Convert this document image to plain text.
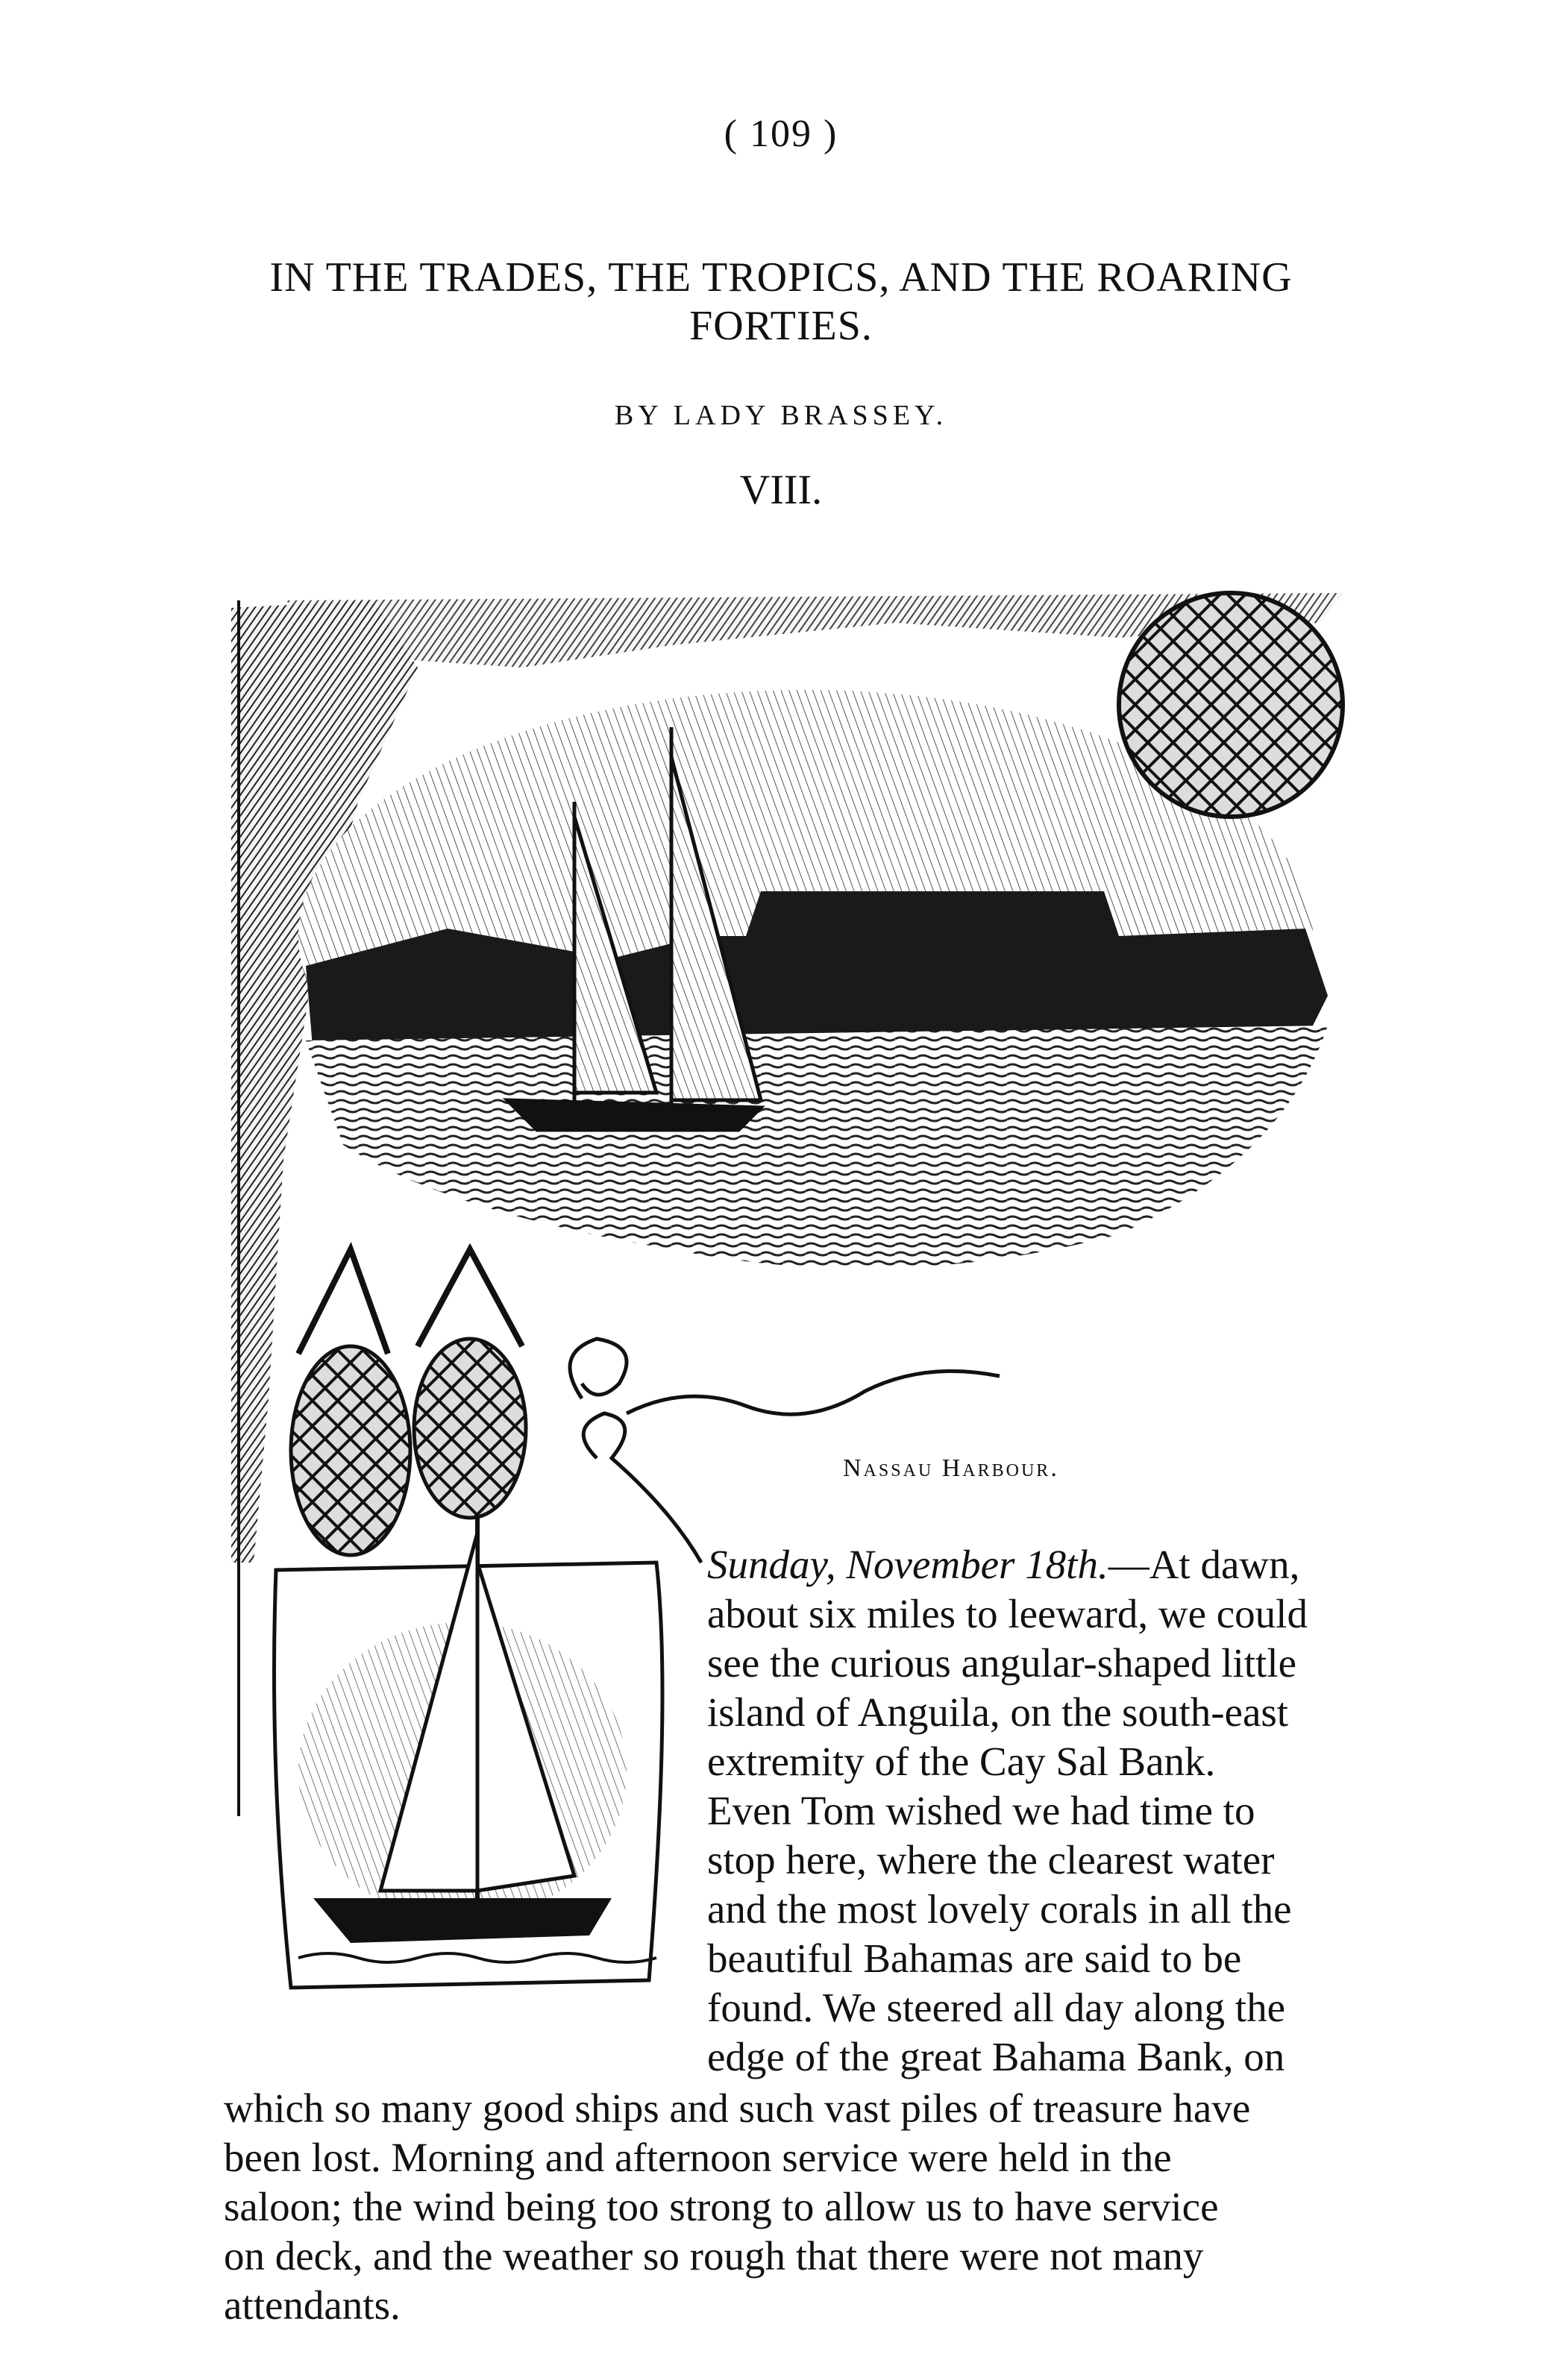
( 109 )
IN THE TRADES, THE TROPICS, AND THE ROARING
FORTIES.
BY LADY BRASSEY.
VIII.
Nassau Harbour.
Sunday, November 18th.—At dawn,
about six miles to leeward, we could
see the curious angular-shaped little
island of Anguila, on the south-east
extremity of the Cay Sal Bank.
Even Tom wished we had time to
stop here, where the clearest water
and the most lovely corals in all the
beautiful Bahamas are said to be
found. We steered all day along the
edge of the great Bahama Bank, on
which so many good ships and such vast piles of treasure have
been lost. Morning and afternoon service were held in the
saloon; the wind being too strong to allow us to have service
on deck, and the weather so rough that there were not many
attendants.
